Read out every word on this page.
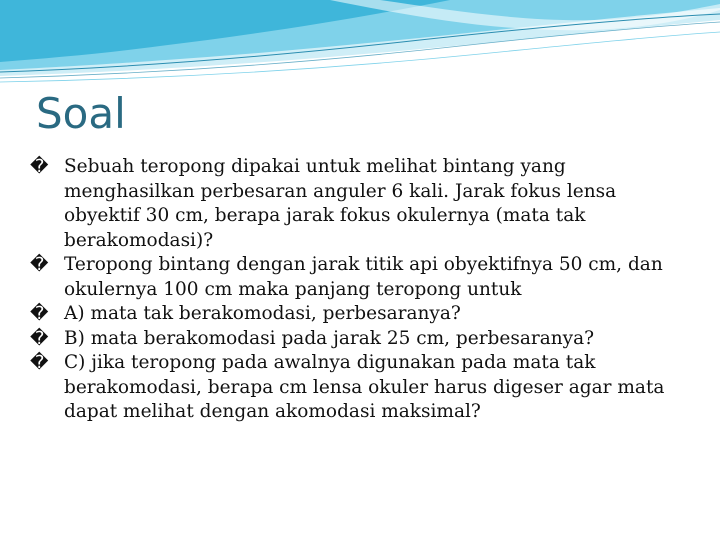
Soal
� Sebuah teropong dipakai untuk melihat bintang yang menghasilkan perbesaran anguler 6 kali. Jarak fokus lensa obyektif 30 cm, berapa jarak fokus okulernya (mata tak berakomodasi)?
� Teropong bintang dengan jarak titik api obyektifnya 50 cm, dan okulernya 100 cm maka panjang teropong untuk
� A) mata tak berakomodasi, perbesaranya?
� B) mata berakomodasi pada jarak 25 cm, perbesaranya?
� C) jika teropong pada awalnya digunakan pada mata tak berakomodasi, berapa cm lensa okuler harus digeser agar mata dapat melihat dengan akomodasi maksimal?
